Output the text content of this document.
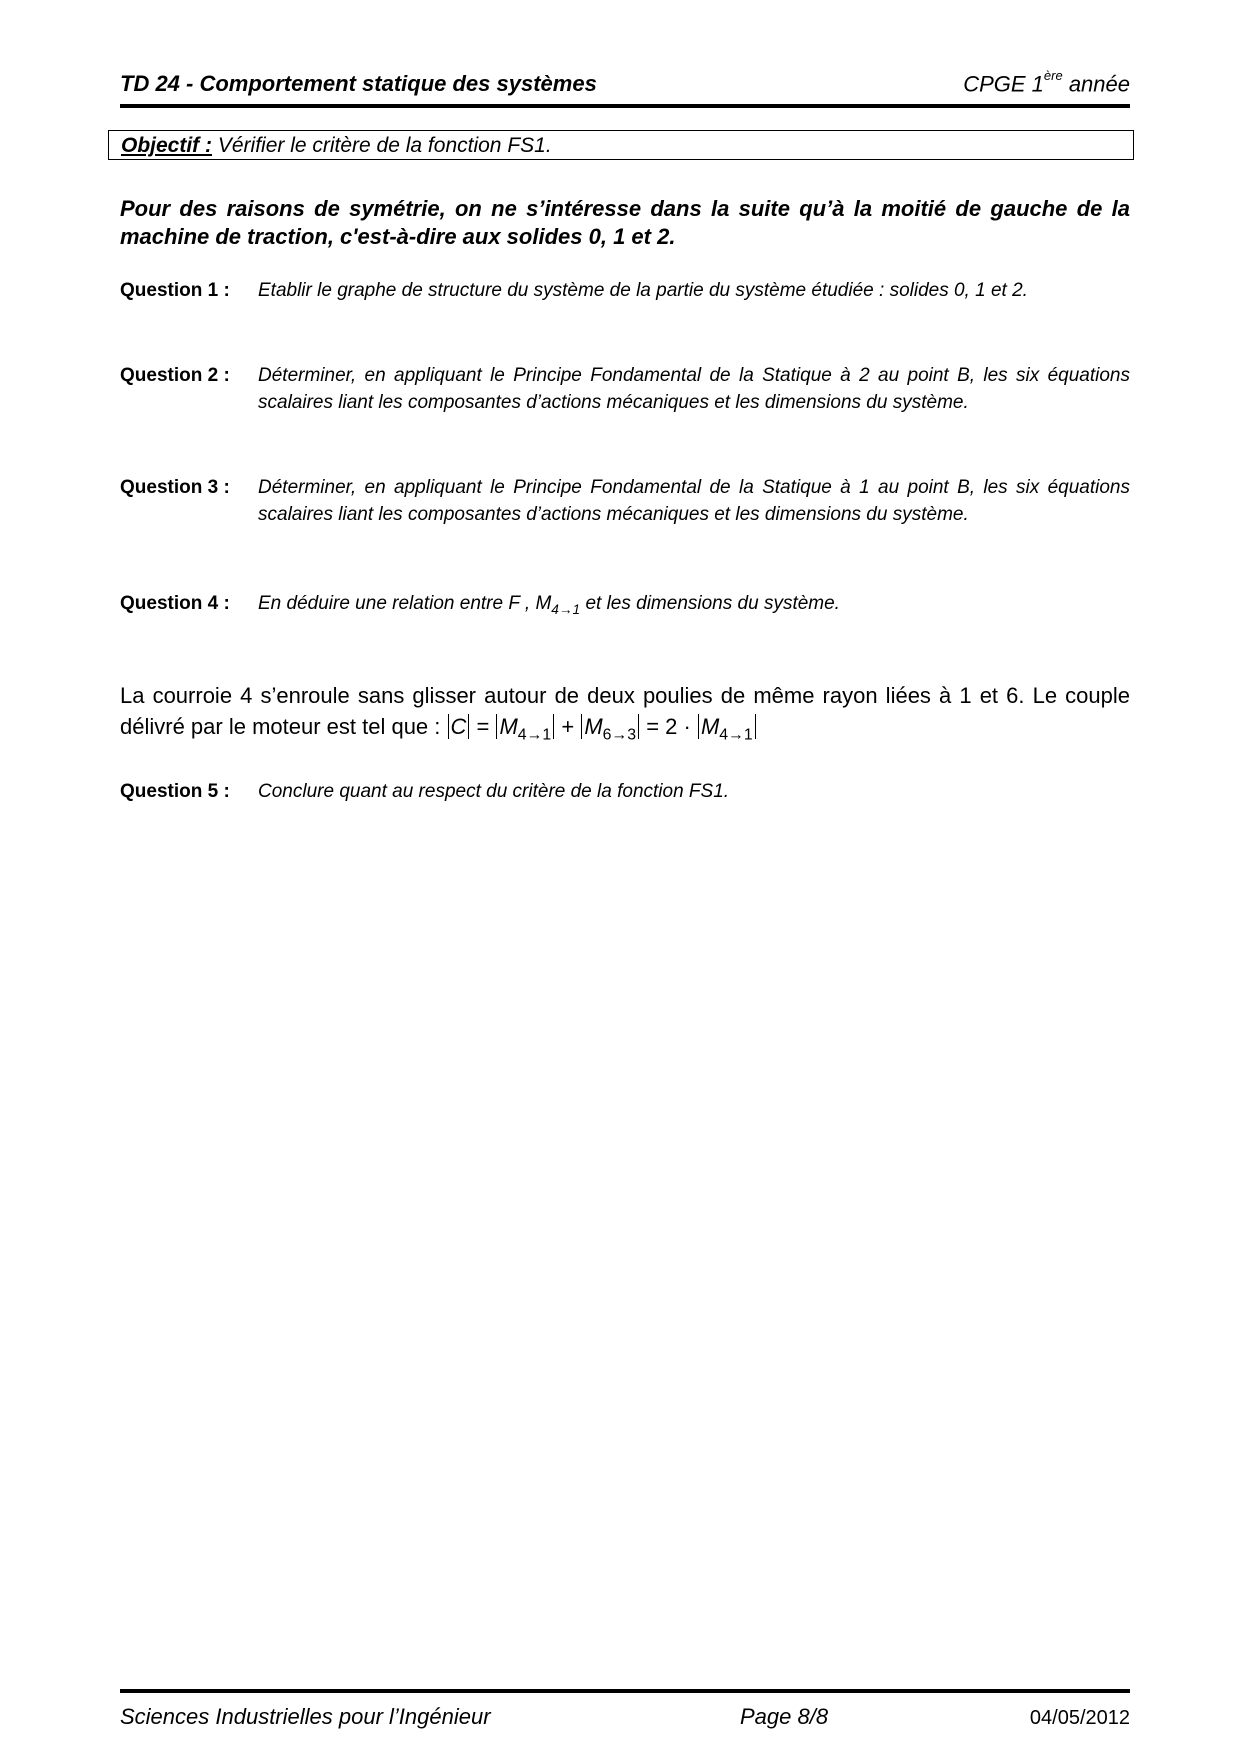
TD 24 - Comportement statique des systèmes	CPGE 1ère année
Objectif : Vérifier le critère de la fonction FS1.
Pour des raisons de symétrie, on ne s’intéresse dans la suite qu’à la moitié de gauche de la machine de traction, c'est-à-dire aux solides 0, 1 et 2.
Question 1 : Etablir le graphe de structure du système de la partie du système étudiée : solides 0, 1 et 2.
Question 2 : Déterminer, en appliquant le Principe Fondamental de la Statique à 2 au point B, les six équations scalaires liant les composantes d’actions mécaniques et les dimensions du système.
Question 3 : Déterminer, en appliquant le Principe Fondamental de la Statique à 1 au point B, les six équations scalaires liant les composantes d’actions mécaniques et les dimensions du système.
Question 4 : En déduire une relation entre F , $M_{4\to 1}$ et les dimensions du système.
La courroie 4 s’enroule sans glisser autour de deux poulies de même rayon liées à 1 et 6. Le couple délivré par le moteur est tel que : $C = M_{4\to 1} + M_{6\to 3} = 2 \cdot M_{4\to 1}$
Question 5 : Conclure quant au respect du critère de la fonction FS1.
Sciences Industrielles pour l’Ingénieur	Page 8/8	04/05/2012
